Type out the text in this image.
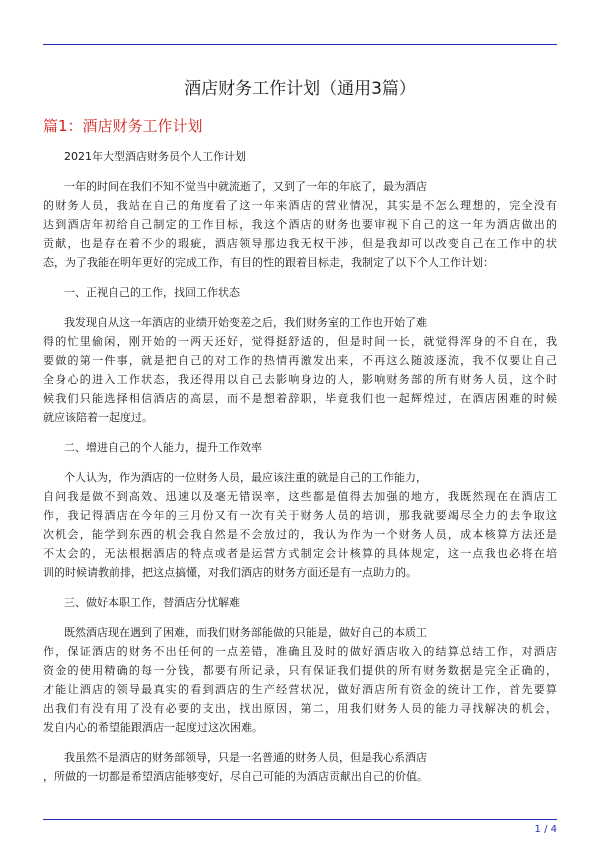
酒店财务工作计划（通用3篇）
篇1：酒店财务工作计划

2021年大型酒店财务员个人工作计划

一年的时间在我们不知不觉当中就流逝了，又到了一年的年底了，最为酒店

的财务人员，我站在自己的角度看了这一年来酒店的营业情况，其实是不怎么理想的，完全没有

达到酒店年初给自己制定的工作目标，我这个酒店的财务也要审视下自己的这一年为酒店做出的

贡献，也是存在着不少的瑕疵，酒店领导那边我无权干涉，但是我却可以改变自己在工作中的状

态，为了我能在明年更好的完成工作，有目的性的跟着目标走，我制定了以下个人工作计划：

一、正视自己的工作，找回工作状态

我发现自从这一年酒店的业绩开始变差之后，我们财务室的工作也开始了难

得的忙里偷闲，刚开始的一两天还好，觉得挺舒适的，但是时间一长，就觉得浑身的不自在，我

要做的第一件事，就是把自己的对工作的热情再激发出来，不再这么随波逐流，我不仅要让自己

全身心的进入工作状态，我还得用以自己去影响身边的人，影响财务部的所有财务人员，这个时

候我们只能选择相信酒店的高层，而不是想着辞职，毕竟我们也一起辉煌过，在酒店困难的时候

就应该陪着一起度过。

二、增进自己的个人能力，提升工作效率

个人认为，作为酒店的一位财务人员，最应该注重的就是自己的工作能力，

自问我是做不到高效、迅速以及毫无错误率，这些都是值得去加强的地方，我既然现在在酒店工

作，我记得酒店在今年的三月份又有一次有关于财务人员的培训，那我就要竭尽全力的去争取这

次机会，能学到东西的机会我自然是不会放过的，我认为作为一个财务人员，成本核算方法还是

不太会的，无法根据酒店的特点或者是运营方式制定会计核算的具体规定，这一点我也必将在培

训的时候请教前排，把这点搞懂，对我们酒店的财务方面还是有一点助力的。

三、做好本职工作，替酒店分忧解难

既然酒店现在遇到了困难，而我们财务部能做的只能是，做好自己的本质工

作，保证酒店的财务不出任何的一点差错，准确且及时的做好酒店收入的结算总结工作，对酒店

资金的使用精确的每一分钱，都要有所记录，只有保证我们提供的所有财务数据是完全正确的，

才能让酒店的领导最真实的看到酒店的生产经营状况，做好酒店所有资金的统计工作，首先要算

出我们有没有用了没有必要的支出，找出原因，第二，用我们财务人员的能力寻找解决的机会，

发自内心的希望能跟酒店一起度过这次困难。

我虽然不是酒店的财务部领导，只是一名普通的财务人员，但是我心系酒店

，所做的一切都是希望酒店能够变好，尽自己可能的为酒店贡献出自己的价值。

1 / 4
